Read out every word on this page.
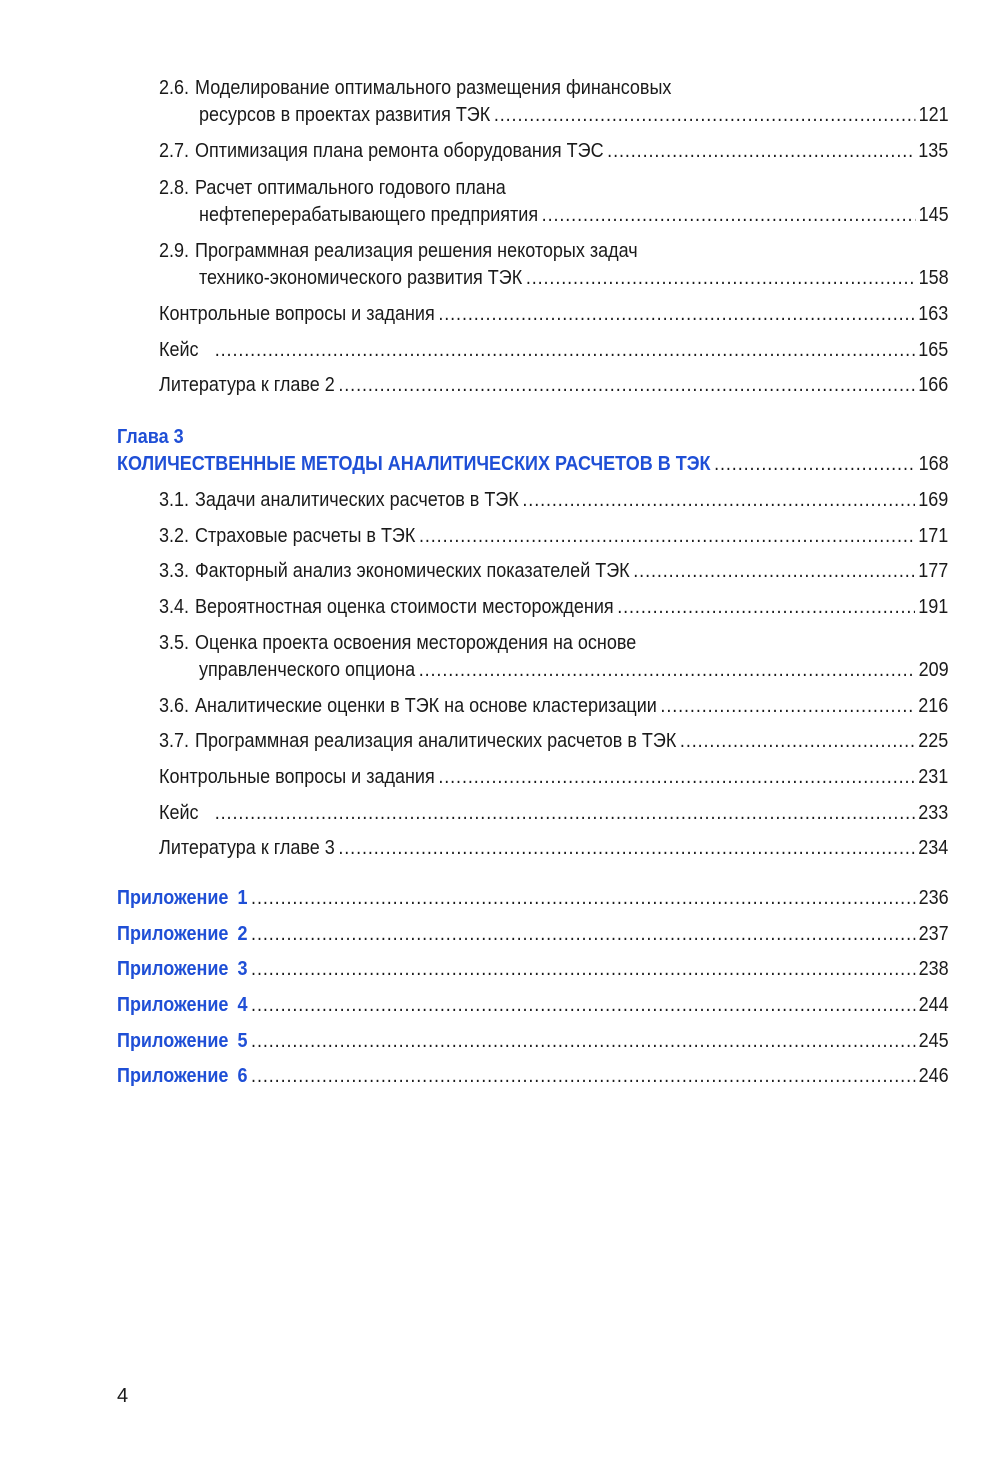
2.6. Моделирование оптимального размещения финансовых
ресурсов в проектах развития ТЭК .....	121
2.7. Оптимизация плана ремонта оборудования ТЭС .....	135
2.8. Расчет оптимального годового плана
нефтеперерабатывающего предприятия .....	145
2.9. Программная реализация решения некоторых задач
технико-экономического развития ТЭК .....	158
Контрольные вопросы и задания .....	163
Кейс .....	165
Литература к главе 2 .....	166
Глава 3
КОЛИЧЕСТВЕННЫЕ МЕТОДЫ АНАЛИТИЧЕСКИХ РАСЧЕТОВ В ТЭК .....	168
3.1. Задачи аналитических расчетов в ТЭК .....	169
3.2. Страховые расчеты в ТЭК .....	171
3.3. Факторный анализ экономических показателей ТЭК .....	177
3.4. Вероятностная оценка стоимости месторождения .....	191
3.5. Оценка проекта освоения месторождения на основе
управленческого опциона .....	209
3.6. Аналитические оценки в ТЭК на основе кластеризации .....	216
3.7. Программная реализация аналитических расчетов в ТЭК .....	225
Контрольные вопросы и задания .....	231
Кейс .....	233
Литература к главе 3 .....	234
Приложение 1 .....	236
Приложение 2 .....	237
Приложение 3 .....	238
Приложение 4 .....	244
Приложение 5 .....	245
Приложение 6 .....	246
4
